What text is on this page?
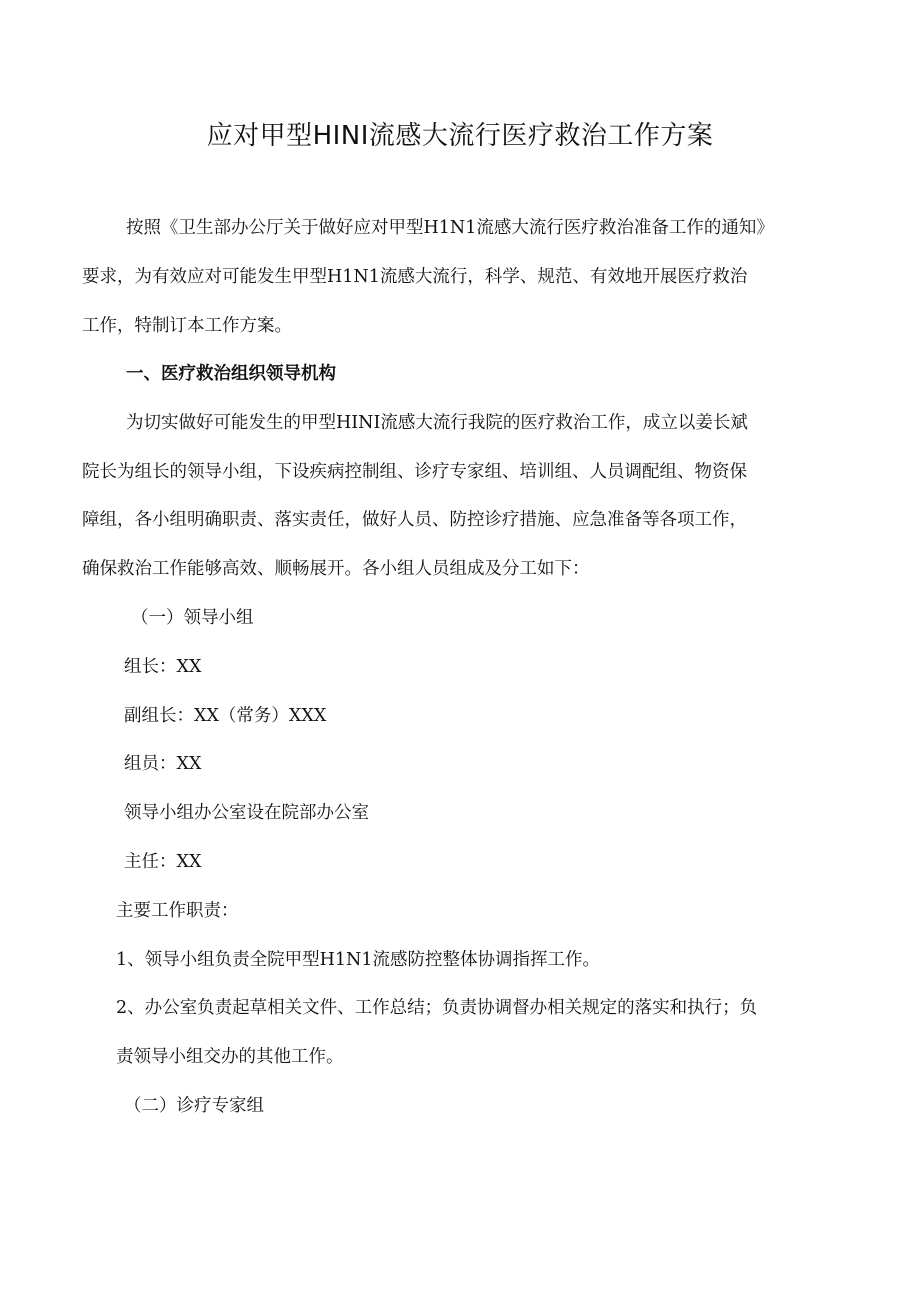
应对甲型HINI流感大流行医疗救治工作方案

按照《卫生部办公厅关于做好应对甲型H1N1流感大流行医疗救治准备工作的通知》

要求，为有效应对可能发生甲型H1N1流感大流行，科学、规范、有效地开展医疗救治

工作，特制订本工作方案。

一、医疗救治组织领导机构

为切实做好可能发生的甲型HINI流感大流行我院的医疗救治工作，成立以姜长斌

院长为组长的领导小组，下设疾病控制组、诊疗专家组、培训组、人员调配组、物资保

障组，各小组明确职责、落实责任，做好人员、防控诊疗措施、应急准备等各项工作，

确保救治工作能够高效、顺畅展开。各小组人员组成及分工如下：

（一）领导小组

组长：XX

副组长：XX（常务）XXX

组员：XX

领导小组办公室设在院部办公室

主任：XX

主要工作职责：

1、领导小组负责全院甲型H1N1流感防控整体协调指挥工作。

2、办公室负责起草相关文件、工作总结；负责协调督办相关规定的落实和执行；负

责领导小组交办的其他工作。

（二）诊疗专家组
